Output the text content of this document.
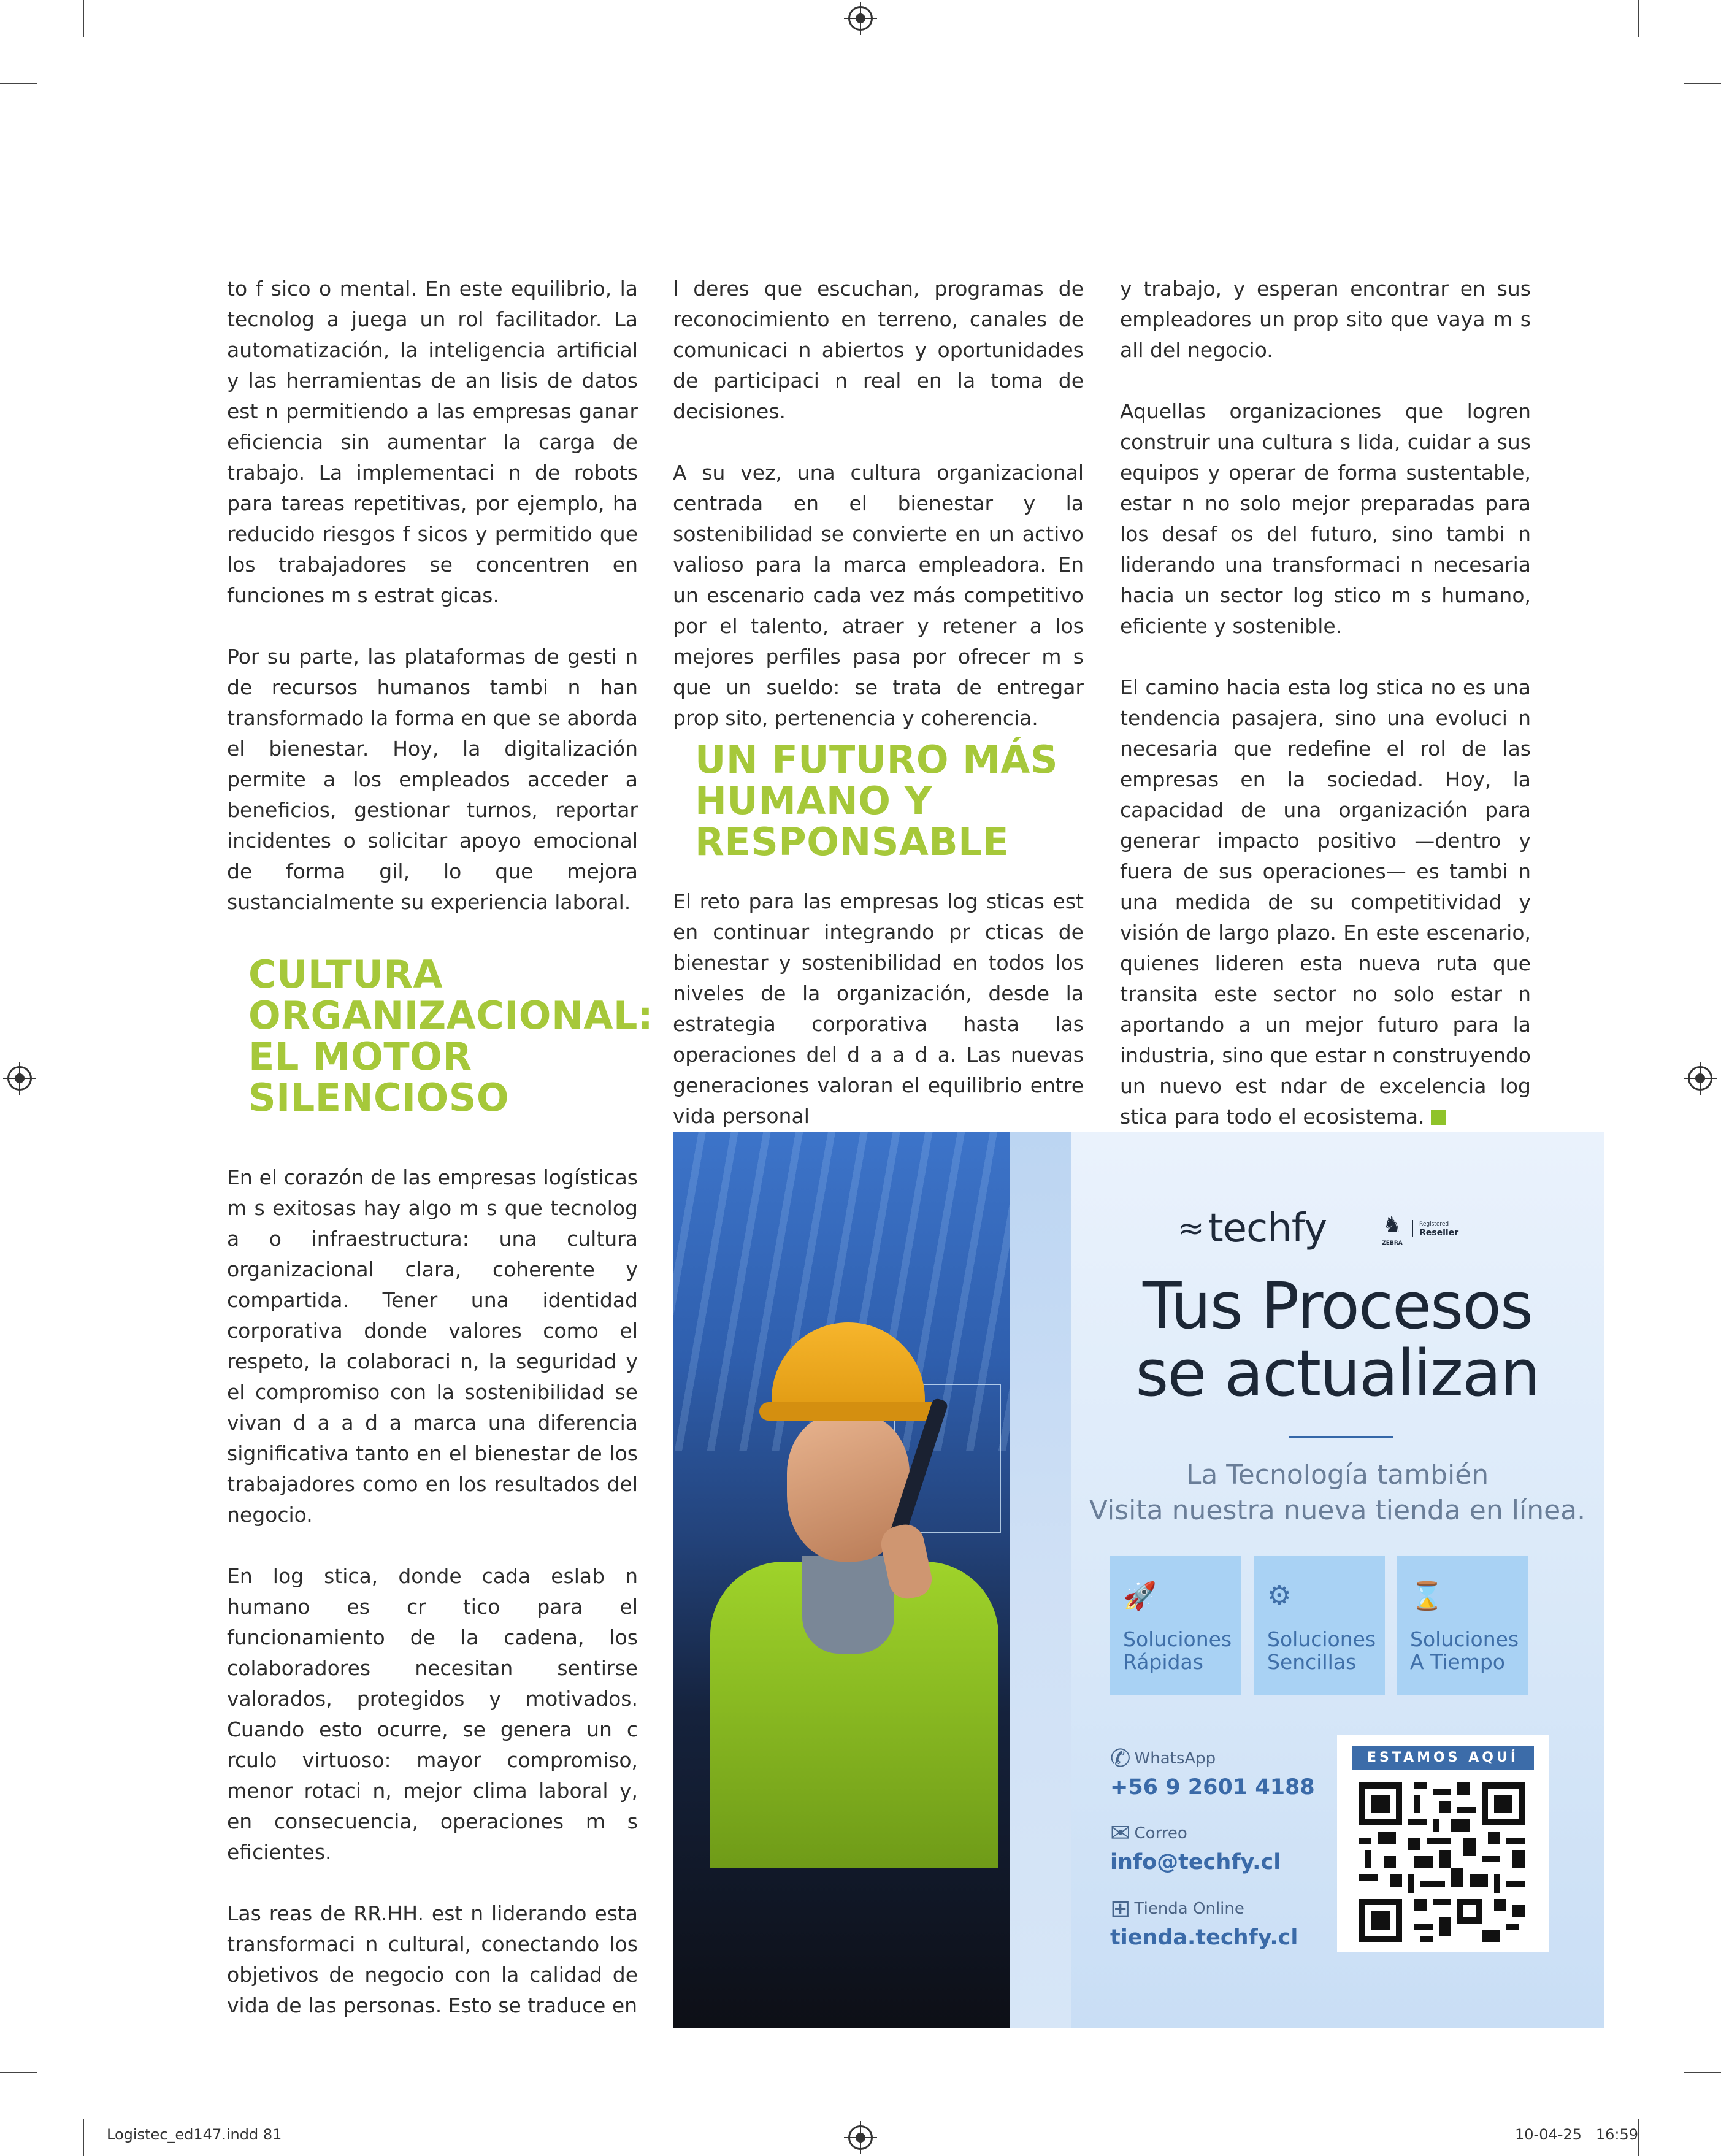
to f sico o mental. En este equilibrio, la tecnolog a juega un rol facilitador. La automatización, la inteligencia artificial y las herramientas de an lisis de datos est n permitiendo a las empresas ganar eficiencia sin aumentar la carga de trabajo. La implementaci n de robots para tareas repetitivas, por ejemplo, ha reducido riesgos f sicos y permitido que los trabajadores se concentren en funciones m s estrat gicas.

Por su parte, las plataformas de gesti n de recursos humanos tambi n han transformado la forma en que se aborda el bienestar. Hoy, la digitalización permite a los empleados acceder a beneficios, gestionar turnos, reportar incidentes o solicitar apoyo emocional de forma gil, lo que mejora sustancialmente su experiencia laboral.

CULTURA ORGANIZACIONAL: EL MOTOR SILENCIOSO

En el corazón de las empresas logísticas m s exitosas hay algo m s que tecnolog a o infraestructura: una cultura organizacional clara, coherente y compartida. Tener una identidad corporativa donde valores como el respeto, la colaboraci n, la seguridad y el compromiso con la sostenibilidad se vivan d a a d a marca una diferencia significativa tanto en el bienestar de los trabajadores como en los resultados del negocio.

En log stica, donde cada eslab n humano es cr tico para el funcionamiento de la cadena, los colaboradores necesitan sentirse valorados, protegidos y motivados. Cuando esto ocurre, se genera un c rculo virtuoso: mayor compromiso, menor rotaci n, mejor clima laboral y, en consecuencia, operaciones m s eficientes.

Las reas de RR.HH. est n liderando esta transformaci n cultural, conectando los objetivos de negocio con la calidad de vida de las personas. Esto se traduce en

l deres que escuchan, programas de reconocimiento en terreno, canales de comunicaci n abiertos y oportunidades de participaci n real en la toma de decisiones.

A su vez, una cultura organizacional centrada en el bienestar y la sostenibilidad se convierte en un activo valioso para la marca empleadora. En un escenario cada vez más competitivo por el talento, atraer y retener a los mejores perfiles pasa por ofrecer m s que un sueldo: se trata de entregar prop sito, pertenencia y coherencia.

UN FUTURO MÁS HUMANO Y RESPONSABLE

El reto para las empresas log sticas est en continuar integrando pr cticas de bienestar y sostenibilidad en todos los niveles de la organización, desde la estrategia corporativa hasta las operaciones del d a a d a. Las nuevas generaciones valoran el equilibrio entre vida personal

y trabajo, y esperan encontrar en sus empleadores un prop sito que vaya m s all del negocio.

Aquellas organizaciones que logren construir una cultura s lida, cuidar a sus equipos y operar de forma sustentable, estar n no solo mejor preparadas para los desaf os del futuro, sino tambi n liderando una transformaci n necesaria hacia un sector log stico m s humano, eficiente y sostenible.

El camino hacia esta log stica no es una tendencia pasajera, sino una evoluci n necesaria que redefine el rol de las empresas en la sociedad. Hoy, la capacidad de una organización para generar impacto positivo —dentro y fuera de sus operaciones— es tambi n una medida de su competitividad y visión de largo plazo. En este escenario, quienes lideren esta nueva ruta que transita este sector no solo estar n aportando a un mejor futuro para la industria, sino que estar n construyendo un nuevo est ndar de excelencia log stica para todo el ecosistema.

≈ techfy	♞
ZEBRA
Registered
Reseller
Tus Procesos
se actualizan
La Tecnología también
Visita nuestra nueva tienda en línea.
🚀
Soluciones
Rápidas
⚙
Soluciones
Sencillas
⌛
Soluciones
A Tiempo
✆ WhatsApp
+56 9 2601 4188
✉ Correo
info@techfy.cl
⊞ Tienda Online
tienda.techfy.cl
ESTAMOS AQUÍ
Logistec_ed147.indd 81	10-04-25   16:59
